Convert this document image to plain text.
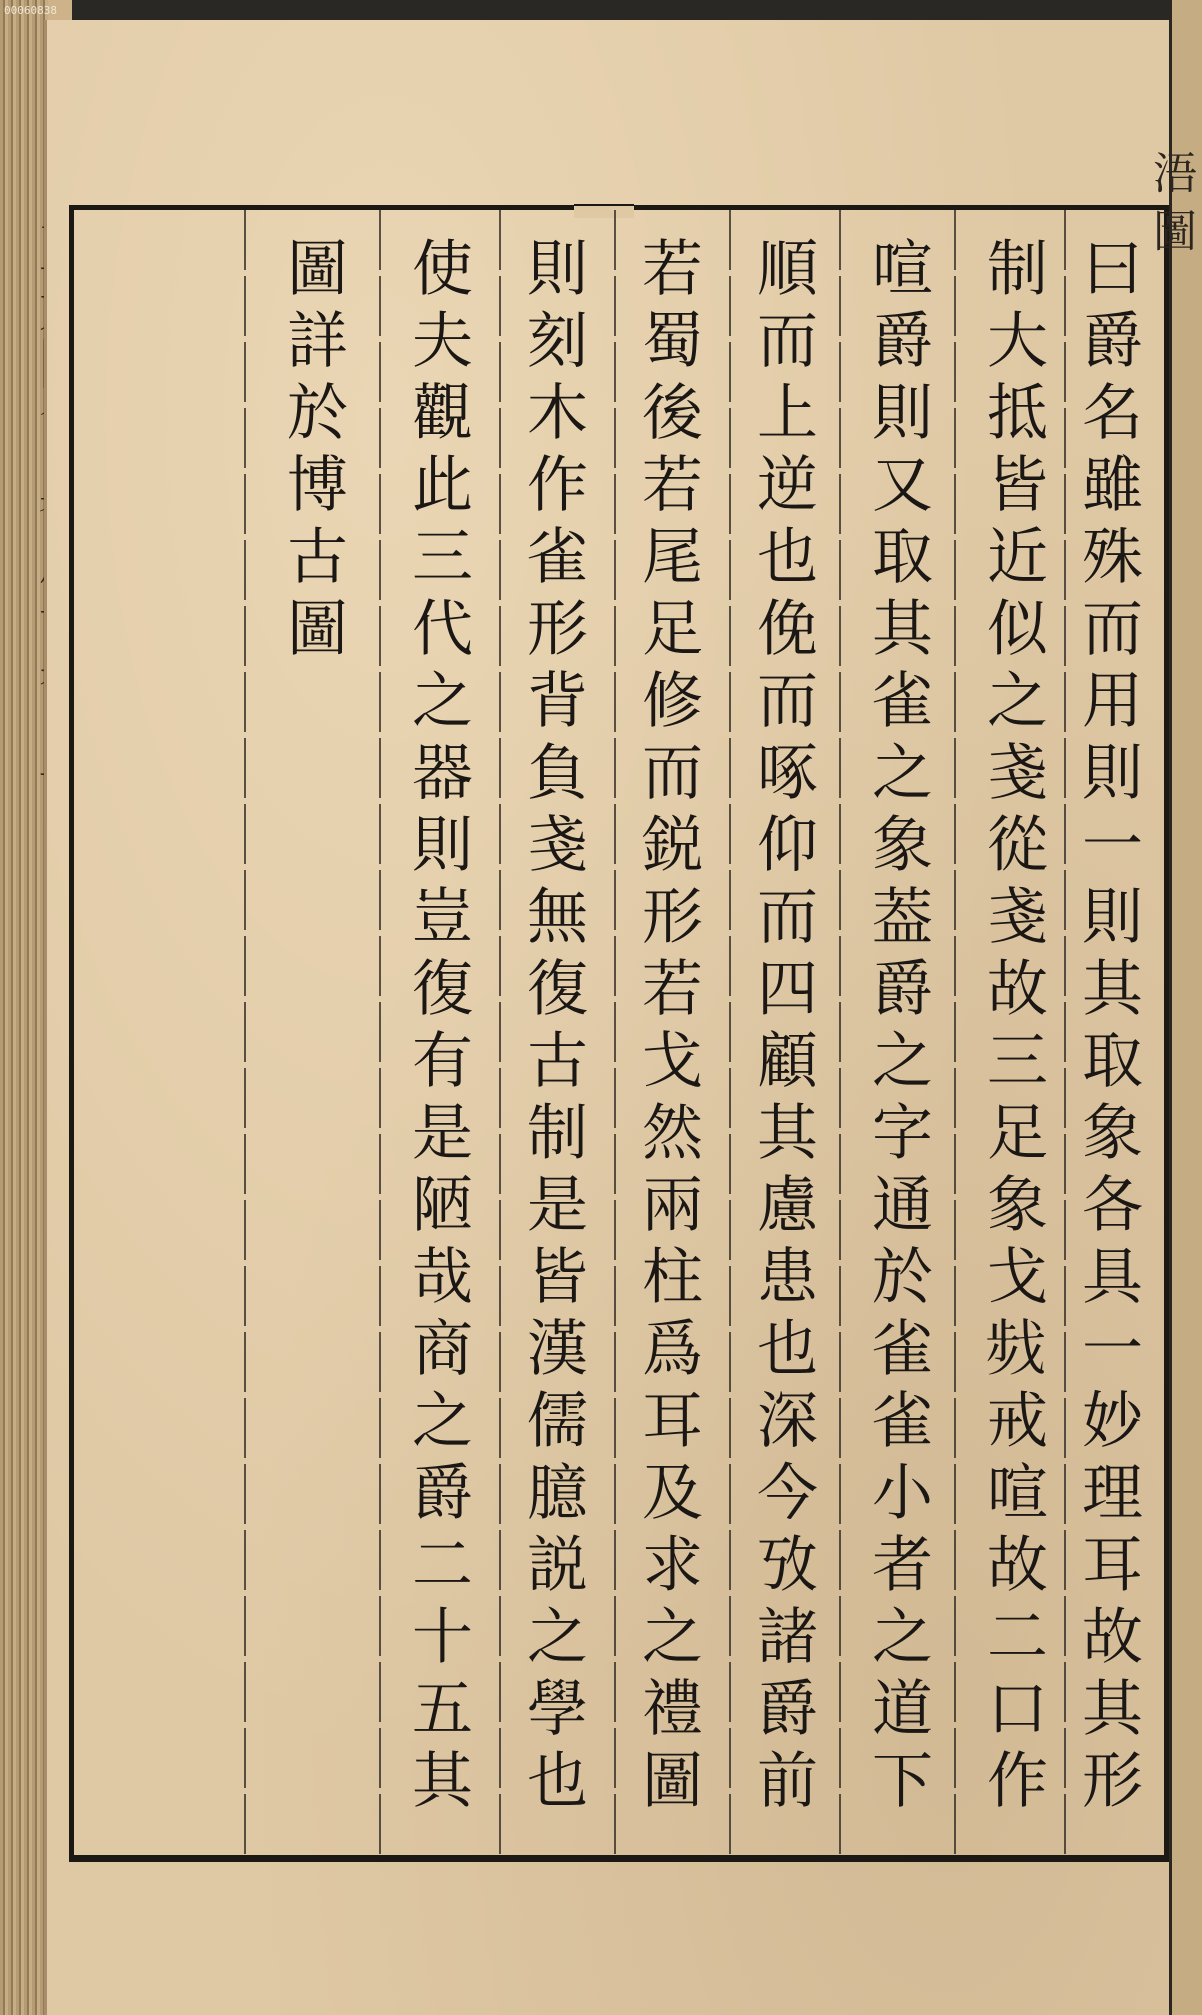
曰爵名雖殊而用則一則其取象各具一妙理耳故其形
制大抵皆近似之戔從戔故三足象戈𢧁戒喧故二口作
喧爵則又取其雀之象葢爵之字通於雀雀小者之道下
順而上逆也俛而啄仰而四顧其慮患也深今攷諸爵前
若蜀後若尾足修而鋭形若戈然兩柱爲耳及求之禮圖
則刻木作雀形背負戔無復古制是皆漢儒臆説之學也
使夫觀此三代之器則豈復有是陋哉商之爵二十五其
圖詳於博古圖
浯 圖
00060838
